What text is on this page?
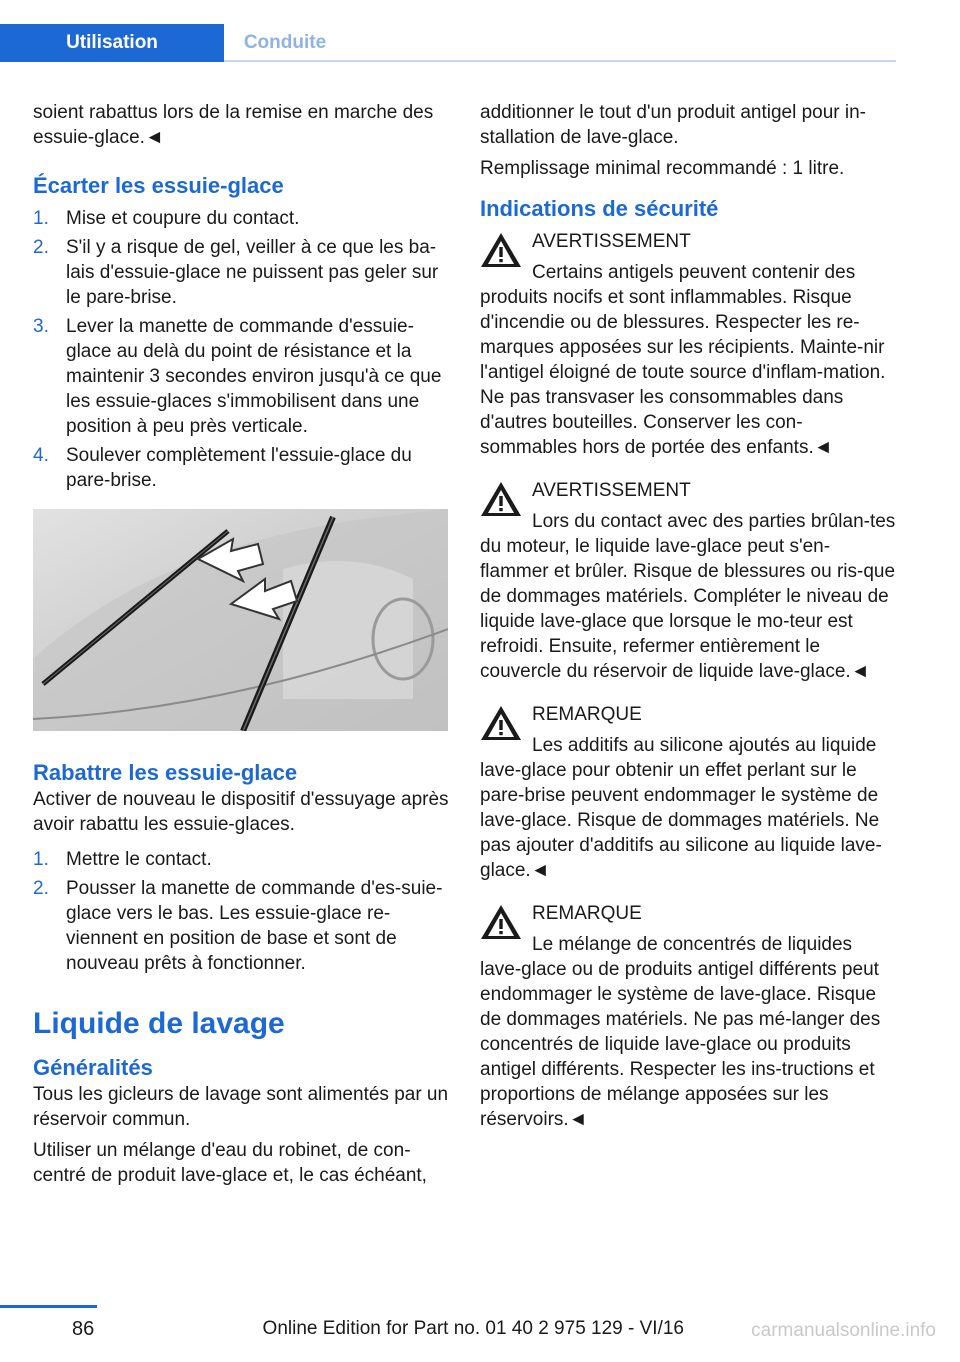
Utilisation	Conduite

soient rabattus lors de la remise en marche des essuie-glace.◄

Écarter les essuie-glace
1. Mise et coupure du contact.
2. S'il y a risque de gel, veiller à ce que les ba-lais d'essuie-glace ne puissent pas geler sur le pare-brise.
3. Lever la manette de commande d'essuie-glace au delà du point de résistance et la maintenir 3 secondes environ jusqu'à ce que les essuie-glaces s'immobilisent dans une position à peu près verticale.
4. Soulever complètement l'essuie-glace du pare-brise.
Rabattre les essuie-glace

Activer de nouveau le dispositif d'essuyage après avoir rabattu les essuie-glaces.

1. Mettre le contact.
2. Pousser la manette de commande d'es-suie-glace vers le bas. Les essuie-glace re-viennent en position de base et sont de nouveau prêts à fonctionner.
Liquide de lavage
Généralités

Tous les gicleurs de lavage sont alimentés par un réservoir commun.

Utiliser un mélange d'eau du robinet, de con-centré de produit lave-glace et, le cas échéant,

additionner le tout d'un produit antigel pour in-stallation de lave-glace.

Remplissage minimal recommandé : 1 litre.

Indications de sécurité
AVERTISSEMENT
Certains antigels peuvent contenir des produits nocifs et sont inflammables. Risque d'incendie ou de blessures. Respecter les re-marques apposées sur les récipients. Mainte-nir l'antigel éloigné de toute source d'inflam-mation. Ne pas transvaser les consommables dans d'autres bouteilles. Conserver les con-sommables hors de portée des enfants.◄
AVERTISSEMENT
Lors du contact avec des parties brûlan-tes du moteur, le liquide lave-glace peut s'en-flammer et brûler. Risque de blessures ou ris-que de dommages matériels. Compléter le niveau de liquide lave-glace que lorsque le mo-teur est refroidi. Ensuite, refermer entièrement le couvercle du réservoir de liquide lave-glace.◄
REMARQUE
Les additifs au silicone ajoutés au liquide lave-glace pour obtenir un effet perlant sur le pare-brise peuvent endommager le système de lave-glace. Risque de dommages matériels. Ne pas ajouter d'additifs au silicone au liquide lave-glace.◄
REMARQUE
Le mélange de concentrés de liquides lave-glace ou de produits antigel différents peut endommager le système de lave-glace. Risque de dommages matériels. Ne pas mé-langer des concentrés de liquide lave-glace ou produits antigel différents. Respecter les ins-tructions et proportions de mélange apposées sur les réservoirs.◄
86	Online Edition for Part no. 01 40 2 975 129 - VI/16	carmanualsonline.info
